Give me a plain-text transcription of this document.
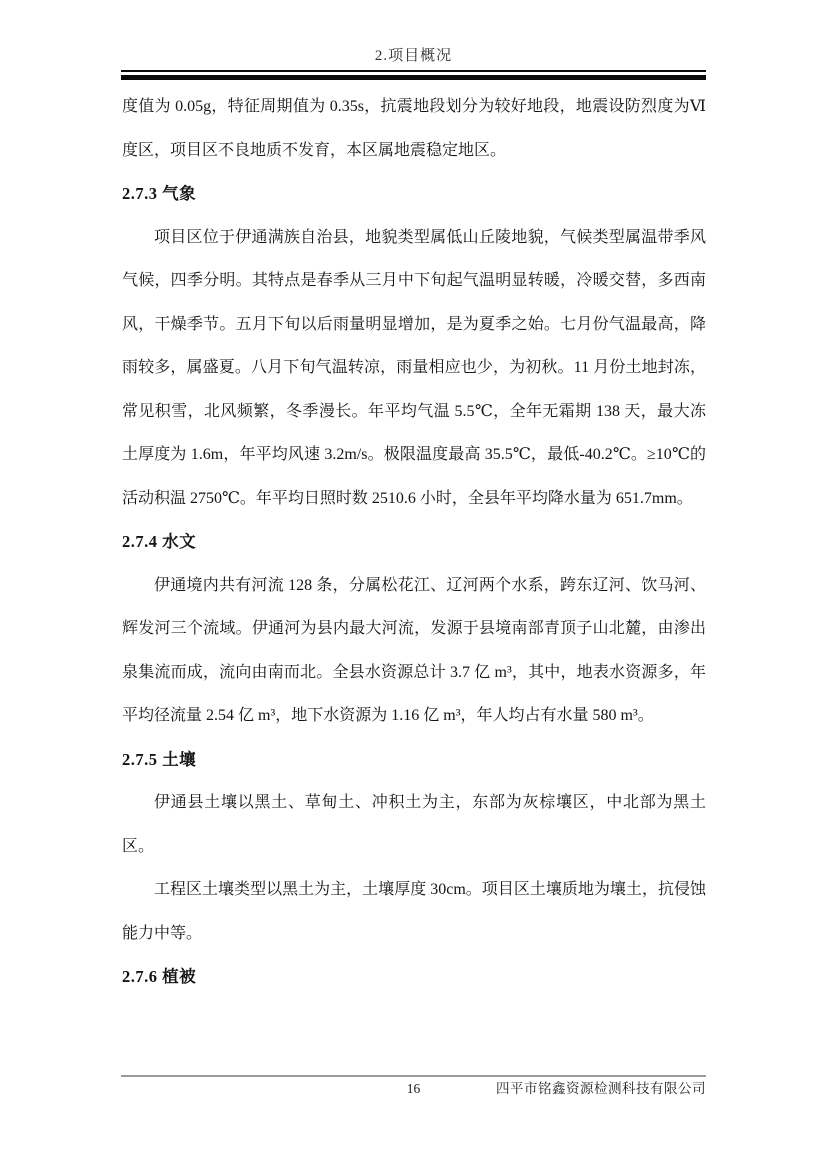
2.项目概况

度值为 0.05g，特征周期值为 0.35s，抗震地段划分为较好地段，地震设防烈度为Ⅵ度区，项目区不良地质不发育，本区属地震稳定地区。

2.7.3 气象

项目区位于伊通满族自治县，地貌类型属低山丘陵地貌，气候类型属温带季风气候，四季分明。其特点是春季从三月中下旬起气温明显转暖，冷暖交替，多西南风，干燥季节。五月下旬以后雨量明显增加，是为夏季之始。七月份气温最高，降雨较多，属盛夏。八月下旬气温转凉，雨量相应也少，为初秋。11 月份土地封冻，常见积雪，北风频繁，冬季漫长。年平均气温 5.5℃，全年无霜期 138 天，最大冻土厚度为 1.6m，年平均风速 3.2m/s。极限温度最高 35.5℃，最低-40.2℃。≥10℃的活动积温 2750℃。年平均日照时数 2510.6 小时，全县年平均降水量为 651.7mm。

2.7.4 水文

伊通境内共有河流 128 条，分属松花江、辽河两个水系，跨东辽河、饮马河、辉发河三个流域。伊通河为县内最大河流，发源于县境南部青顶子山北麓，由渗出泉集流而成，流向由南而北。全县水资源总计 3.7 亿 m³，其中，地表水资源多，年平均径流量 2.54 亿 m³，地下水资源为 1.16 亿 m³，年人均占有水量 580 m³。

2.7.5 土壤

伊通县土壤以黑土、草甸土、冲积土为主，东部为灰棕壤区，中北部为黑土区。

工程区土壤类型以黑土为主，土壤厚度 30cm。项目区土壤质地为壤土，抗侵蚀能力中等。

2.7.6 植被
16	四平市铭鑫资源检测科技有限公司
